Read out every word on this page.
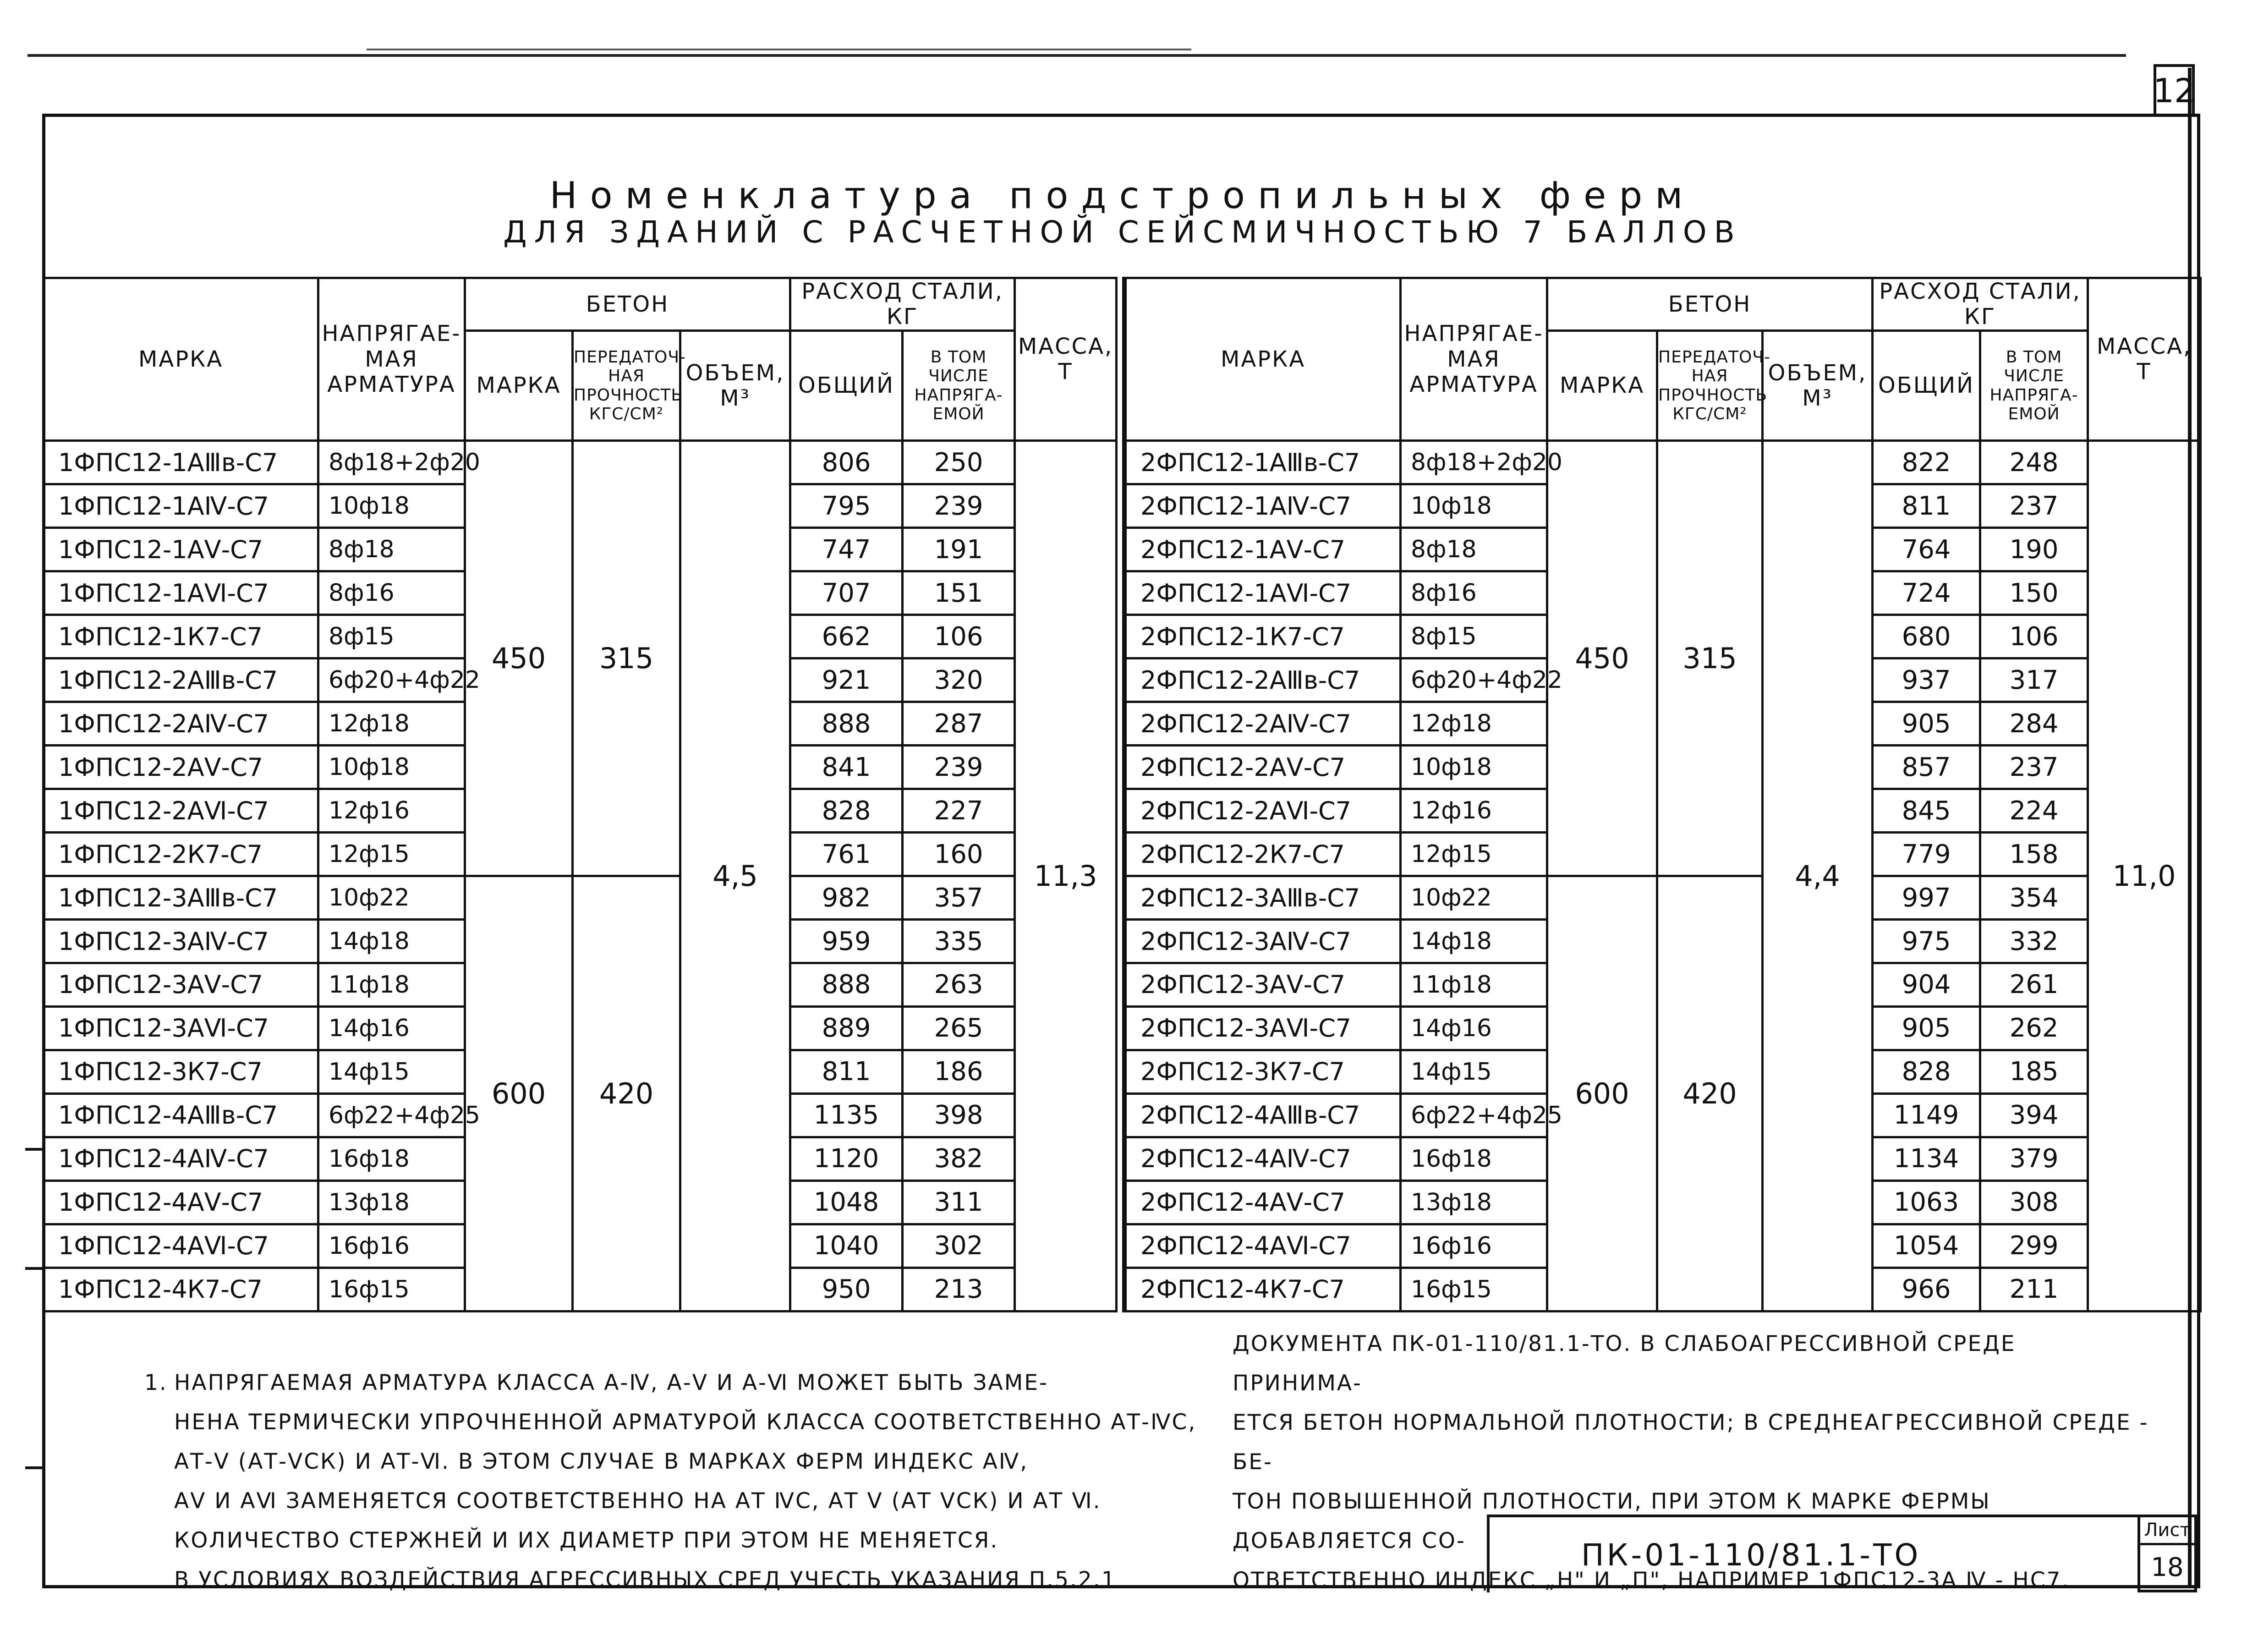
12
Номенклатура подстропильных ферм
ДЛЯ ЗДАНИЙ С РАСЧЕТНОЙ СЕЙСМИЧНОСТЬЮ 7 БАЛЛОВ
МАРКА	НАПРЯГАЕ- МАЯ АРМАТУРА	БЕТОН			РАСХОД СТАЛИ, КГ		МАССА, Т
		МАРКА	ПЕРЕДАТОЧ- НАЯ ПРОЧНОСТЬ КГС/СМ²	ОБЪЕМ, М³	ОБЩИЙ	В ТОМ ЧИСЛЕ НАПРЯГА- ЕМОЙ	
1ФПС12-1АⅢв-С7	8ф18+2ф20	450	315	4,5	806	250	11,3
1ФПС12-1АⅣ-С7	10ф18				795	239	
1ФПС12-1АⅤ-С7	8ф18				747	191	
1ФПС12-1АⅥ-С7	8ф16				707	151	
1ФПС12-1К7-С7	8ф15				662	106	
1ФПС12-2АⅢв-С7	6ф20+4ф22				921	320	
1ФПС12-2АⅣ-С7	12ф18				888	287	
1ФПС12-2АⅤ-С7	10ф18				841	239	
1ФПС12-2АⅥ-С7	12ф16				828	227	
1ФПС12-2К7-С7	12ф15				761	160	
1ФПС12-3АⅢв-С7	10ф22	600	420		982	357	
1ФПС12-3АⅣ-С7	14ф18				959	335	
1ФПС12-3АⅤ-С7	11ф18				888	263	
1ФПС12-3АⅥ-С7	14ф16				889	265	
1ФПС12-3К7-С7	14ф15				811	186	
1ФПС12-4АⅢв-С7	6ф22+4ф25				1135	398	
1ФПС12-4АⅣ-С7	16ф18				1120	382	
1ФПС12-4АⅤ-С7	13ф18				1048	311	
1ФПС12-4АⅥ-С7	16ф16				1040	302	
1ФПС12-4К7-С7	16ф15				950	213	
МАРКА	НАПРЯГАЕ- МАЯ АРМАТУРА	БЕТОН			РАСХОД СТАЛИ, КГ		МАССА, Т
		МАРКА	ПЕРЕДАТОЧ- НАЯ ПРОЧНОСТЬ КГС/СМ²	ОБЪЕМ, М³	ОБЩИЙ	В ТОМ ЧИСЛЕ НАПРЯГА- ЕМОЙ	
2ФПС12-1АⅢв-С7	8ф18+2ф20	450	315	4,4	822	248	11,0
2ФПС12-1АⅣ-С7	10ф18				811	237	
2ФПС12-1АⅤ-С7	8ф18				764	190	
2ФПС12-1АⅥ-С7	8ф16				724	150	
2ФПС12-1К7-С7	8ф15				680	106	
2ФПС12-2АⅢв-С7	6ф20+4ф22				937	317	
2ФПС12-2АⅣ-С7	12ф18				905	284	
2ФПС12-2АⅤ-С7	10ф18				857	237	
2ФПС12-2АⅥ-С7	12ф16				845	224	
2ФПС12-2К7-С7	12ф15				779	158	
2ФПС12-3АⅢв-С7	10ф22	600	420		997	354	
2ФПС12-3АⅣ-С7	14ф18				975	332	
2ФПС12-3АⅤ-С7	11ф18				904	261	
2ФПС12-3АⅥ-С7	14ф16				905	262	
2ФПС12-3К7-С7	14ф15				828	185	
2ФПС12-4АⅢв-С7	6ф22+4ф25				1149	394	
2ФПС12-4АⅣ-С7	16ф18				1134	379	
2ФПС12-4АⅤ-С7	13ф18				1063	308	
2ФПС12-4АⅥ-С7	16ф16				1054	299	
2ФПС12-4К7-С7	16ф15				966	211	
1. НАПРЯГАЕМАЯ АРМАТУРА КЛАССА А-Ⅳ, А-Ⅴ И А-Ⅵ МОЖЕТ БЫТЬ ЗАМЕ-
НЕНА ТЕРМИЧЕСКИ УПРОЧНЕННОЙ АРМАТУРОЙ КЛАССА СООТВЕТСТВЕННО АТ-ⅣС,
АТ-Ⅴ (АТ-ⅤСК) И АТ-Ⅵ. В ЭТОМ СЛУЧАЕ В МАРКАХ ФЕРМ ИНДЕКС АⅣ,
АⅤ И АⅥ ЗАМЕНЯЕТСЯ СООТВЕТСТВЕННО НА АТ ⅣС, АТ Ⅴ (АТ ⅤСК) И АТ Ⅵ.
КОЛИЧЕСТВО СТЕРЖНЕЙ И ИХ ДИАМЕТР ПРИ ЭТОМ НЕ МЕНЯЕТСЯ.
В УСЛОВИЯХ ВОЗДЕЙСТВИЯ АГРЕССИВНЫХ СРЕД УЧЕСТЬ УКАЗАНИЯ П.5.2.1
ДОКУМЕНТА ПК-01-110/81.1-ТО. В СЛАБОАГРЕССИВНОЙ СРЕДЕ ПРИНИМА-
ЕТСЯ БЕТОН НОРМАЛЬНОЙ ПЛОТНОСТИ; В СРЕДНЕАГРЕССИВНОЙ СРЕДЕ - БЕ-
ТОН ПОВЫШЕННОЙ ПЛОТНОСТИ, ПРИ ЭТОМ К МАРКЕ ФЕРМЫ ДОБАВЛЯЕТСЯ СО-
ОТВЕТСТВЕННО ИНДЕКС „Н" И „П", НАПРИМЕР 1ФПС12-3А Ⅳ - НС7.
ПК-01-110/81.1-ТО
Лист
18
